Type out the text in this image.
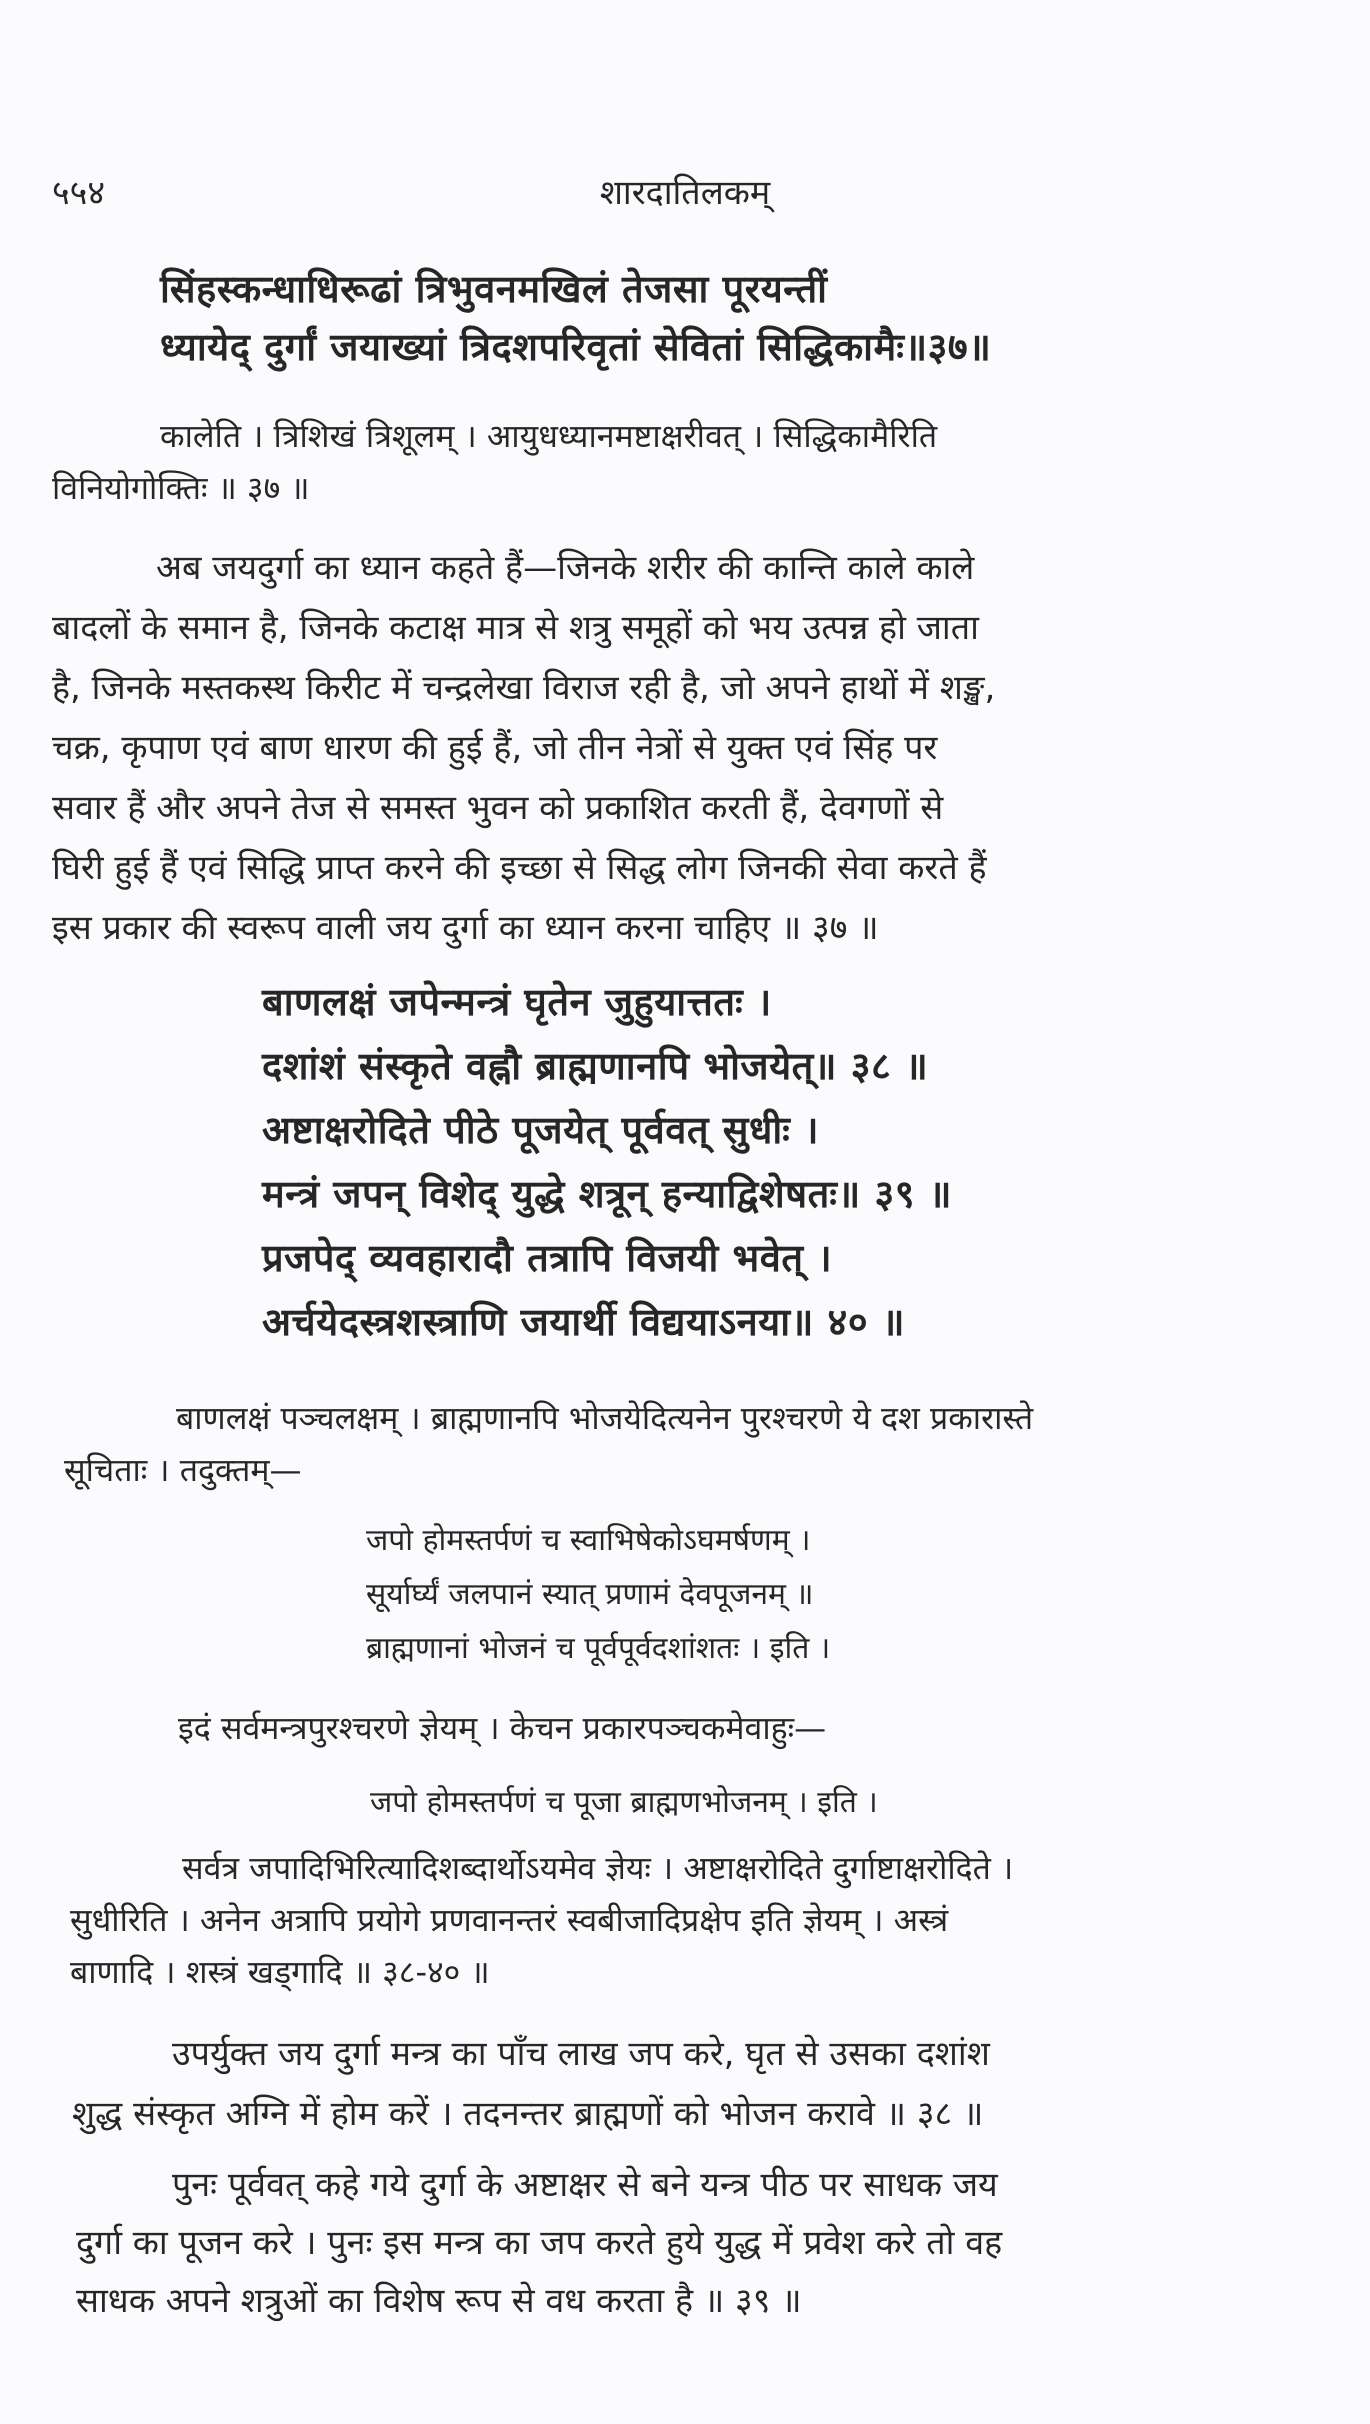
५५४	शारदातिलकम्
सिंहस्कन्धाधिरूढां त्रिभुवनमखिलं तेजसा पूरयन्तीं
ध्यायेद् दुर्गां जयाख्यां त्रिदशपरिवृतां सेवितां सिद्धिकामैः॥३७॥
कालेति । त्रिशिखं त्रिशूलम् । आयुधध्यानमष्टाक्षरीवत् । सिद्धिकामैरिति
विनियोगोक्तिः ॥ ३७ ॥
अब जयदुर्गा का ध्यान कहते हैं—जिनके शरीर की कान्ति काले काले
बादलों के समान है, जिनके कटाक्ष मात्र से शत्रु समूहों को भय उत्पन्न हो जाता
है, जिनके मस्तकस्थ किरीट में चन्द्रलेखा विराज रही है, जो अपने हाथों में शङ्ख,
चक्र, कृपाण एवं बाण धारण की हुई हैं, जो तीन नेत्रों से युक्त एवं सिंह पर
सवार हैं और अपने तेज से समस्त भुवन को प्रकाशित करती हैं, देवगणों से
घिरी हुई हैं एवं सिद्धि प्राप्त करने की इच्छा से सिद्ध लोग जिनकी सेवा करते हैं
इस प्रकार की स्वरूप वाली जय दुर्गा का ध्यान करना चाहिए ॥ ३७ ॥
बाणलक्षं जपेन्मन्त्रं घृतेन जुहुयात्ततः ।
दशांशं संस्कृते वह्नौ ब्राह्मणानपि भोजयेत्॥ ३८ ॥
अष्टाक्षरोदिते पीठे पूजयेत् पूर्ववत् सुधीः ।
मन्त्रं जपन् विशेद् युद्धे शत्रून् हन्याद्विशेषतः॥ ३९ ॥
प्रजपेद् व्यवहारादौ तत्रापि विजयी भवेत् ।
अर्चयेदस्त्रशस्त्राणि जयार्थी विद्ययाऽनया॥ ४० ॥
बाणलक्षं पञ्चलक्षम् । ब्राह्मणानपि भोजयेदित्यनेन पुरश्चरणे ये दश प्रकारास्ते
सूचिताः । तदुक्तम्—
जपो होमस्तर्पणं च स्वाभिषेकोऽघमर्षणम् ।
सूर्यार्घ्यं जलपानं स्यात् प्रणामं देवपूजनम् ॥
ब्राह्मणानां भोजनं च पूर्वपूर्वदशांशतः । इति ।
इदं सर्वमन्त्रपुरश्चरणे ज्ञेयम् । केचन प्रकारपञ्चकमेवाहुः—
जपो होमस्तर्पणं च पूजा ब्राह्मणभोजनम् । इति ।
सर्वत्र जपादिभिरित्यादिशब्दार्थोऽयमेव ज्ञेयः । अष्टाक्षरोदिते दुर्गाष्टाक्षरोदिते ।
सुधीरिति । अनेन अत्रापि प्रयोगे प्रणवानन्तरं स्वबीजादिप्रक्षेप इति ज्ञेयम् । अस्त्रं
बाणादि । शस्त्रं खड्गादि ॥ ३८-४० ॥
उपर्युक्त जय दुर्गा मन्त्र का पाँच लाख जप करे, घृत से उसका दशांश
शुद्ध संस्कृत अग्नि में होम करें । तदनन्तर ब्राह्मणों को भोजन करावे ॥ ३८ ॥
पुनः पूर्ववत् कहे गये दुर्गा के अष्टाक्षर से बने यन्त्र पीठ पर साधक जय
दुर्गा का पूजन करे । पुनः इस मन्त्र का जप करते हुये युद्ध में प्रवेश करे तो वह
साधक अपने शत्रुओं का विशेष रूप से वध करता है ॥ ३९ ॥
